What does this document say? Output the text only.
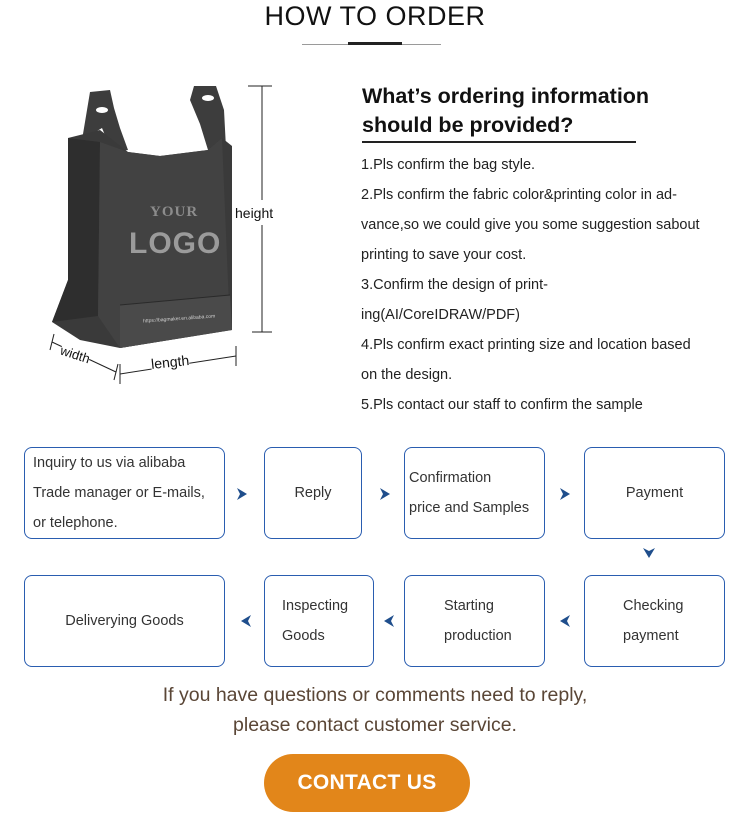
HOW TO ORDER
YOUR
LOGO
https://bagmaker.en.alibaba.com
height
width	length
What’s ordering information
should be provided?
1.Pls confirm the bag style.
2.Pls confirm the fabric color&printing color in ad-
vance,so we could give you some suggestion sabout
printing to save your cost.
3.Confirm the design of print-
ing(AI/CoreIDRAW/PDF)
4.Pls confirm exact printing size and location based
on the design.
5.Pls contact our staff to confirm the sample
Inquiry to us via alibaba
Trade manager or E-mails,
or telephone.
Reply
Confirmation
price and Samples
Payment
Deliverying Goods
Inspecting
Goods
Starting
production
Checking
payment
If you have questions or comments need to reply,
please contact customer service.
CONTACT US
